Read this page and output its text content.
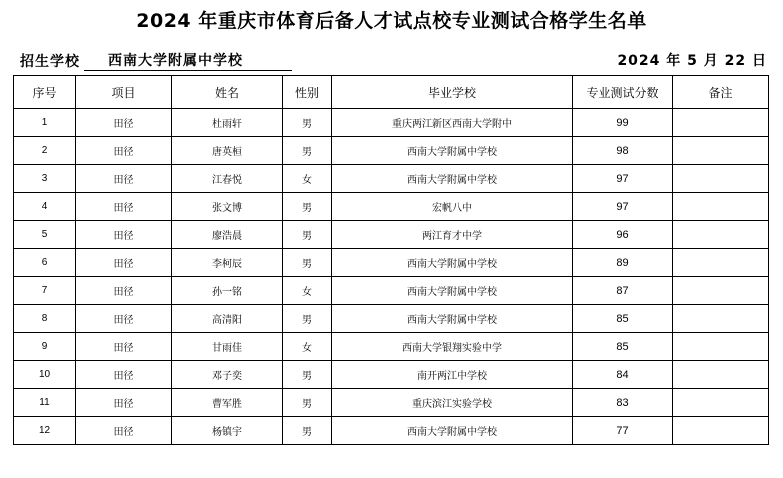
2024 年重庆市体育后备人才试点校专业测试合格学生名单
招生学校	西南大学附属中学校	2024 年 5 月 22 日
序号	项目	姓名	性别	毕业学校	专业测试分数	备注
1	田径	杜雨轩	男	重庆两江新区西南大学附中	99	
2	田径	唐英桓	男	西南大学附属中学校	98	
3	田径	江春悦	女	西南大学附属中学校	97	
4	田径	张文博	男	宏帆八中	97	
5	田径	廖浩晨	男	两江育才中学	96	
6	田径	李柯辰	男	西南大学附属中学校	89	
7	田径	孙一铭	女	西南大学附属中学校	87	
8	田径	高清阳	男	西南大学附属中学校	85	
9	田径	甘雨佳	女	西南大学银翔实验中学	85	
10	田径	邓子奕	男	南开两江中学校	84	
11	田径	曹军胜	男	重庆滨江实验学校	83	
12	田径	杨镇宇	男	西南大学附属中学校	77	
